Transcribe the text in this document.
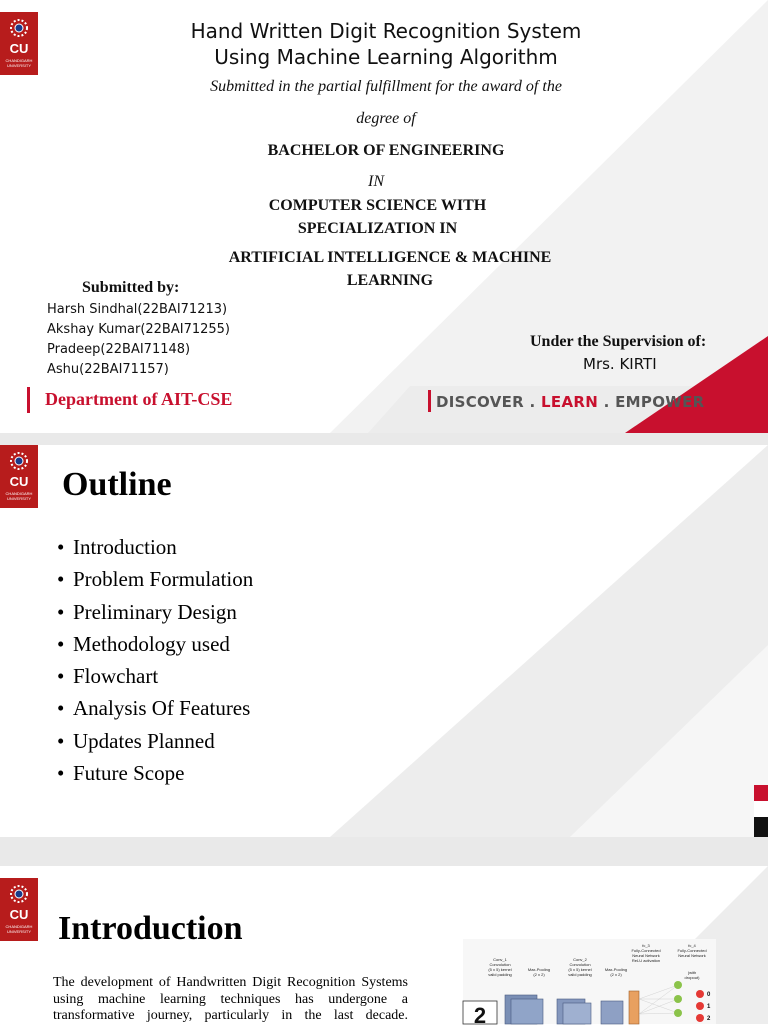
CU
CHANDIGARH
UNIVERSITY
Hand Written Digit Recognition System
Using Machine Learning Algorithm
Submitted in the partial fulfillment for the award of the
degree of
BACHELOR OF ENGINEERING
IN
COMPUTER SCIENCE WITH
SPECIALIZATION IN
ARTIFICIAL INTELLIGENCE & MACHINE
LEARNING
Submitted by:
Harsh Sindhal(22BAI71213)
Akshay Kumar(22BAI71255)
Pradeep(22BAI71148)
Ashu(22BAI71157)
Under the Supervision of:
Mrs. KIRTI
Department of AIT-CSE	DISCOVER . LEARN . EMPOWER
CU
CHANDIGARH
UNIVERSITY Outline
• Introduction
• Problem Formulation
• Preliminary Design
• Methodology used
• Flowchart
• Analysis Of Features
• Updates Planned
• Future Scope
CU
CHANDIGARH
UNIVERSITY
Conv_1
Convolution
(5 x 5) kernel
valid padding
Max-Pooling
(2 x 2)
Conv_2
Convolution
(5 x 5) kernel
valid padding
Max-Pooling
(2 x 2)
fc_3
Fully-Connected
Neural Network
ReLU activation
fc_4
Fully-Connected
Neural Network
(with
dropout)
2
0
1
2
Introduction
The development of Handwritten Digit Recognition Systems
using machine learning techniques has undergone a
transformative journey, particularly in the last decade.
